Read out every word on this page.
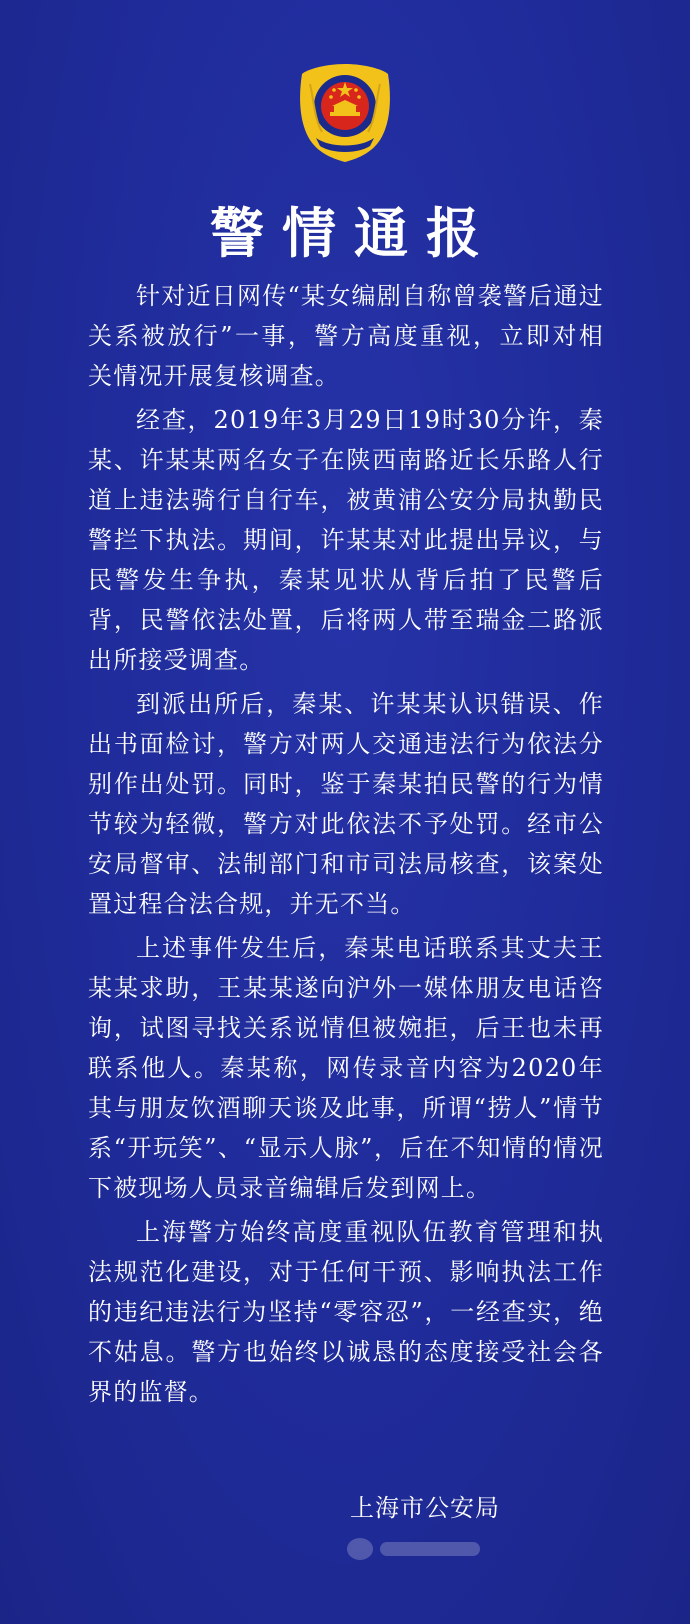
警情通报

针对近日网传“某女编剧自称曾袭警后通过关系被放行”一事，警方高度重视，立即对相关情况开展复核调查。

经查，2019年3月29日19时30分许，秦某、许某某两名女子在陕西南路近长乐路人行道上违法骑行自行车，被黄浦公安分局执勤民警拦下执法。期间，许某某对此提出异议，与民警发生争执，秦某见状从背后拍了民警后背，民警依法处置，后将两人带至瑞金二路派出所接受调查。

到派出所后，秦某、许某某认识错误、作出书面检讨，警方对两人交通违法行为依法分别作出处罚。同时，鉴于秦某拍民警的行为情节较为轻微，警方对此依法不予处罚。经市公安局督审、法制部门和市司法局核查，该案处置过程合法合规，并无不当。

上述事件发生后，秦某电话联系其丈夫王某某求助，王某某遂向沪外一媒体朋友电话咨询，试图寻找关系说情但被婉拒，后王也未再联系他人。秦某称，网传录音内容为2020年其与朋友饮酒聊天谈及此事，所谓“捞人”情节系“开玩笑”、“显示人脉”，后在不知情的情况下被现场人员录音编辑后发到网上。

上海警方始终高度重视队伍教育管理和执法规范化建设，对于任何干预、影响执法工作的违纪违法行为坚持“零容忍”，一经查实，绝不姑息。警方也始终以诚恳的态度接受社会各界的监督。

上海市公安局
